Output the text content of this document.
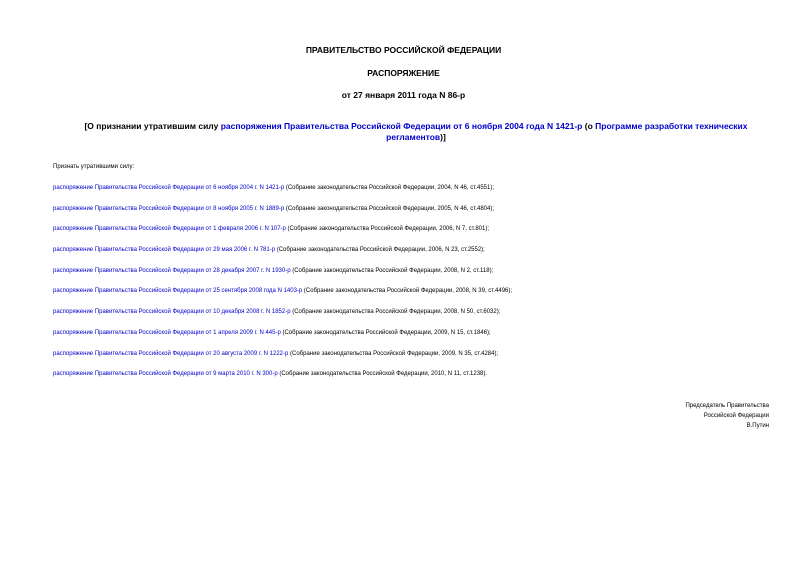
ПРАВИТЕЛЬСТВО РОССИЙСКОЙ ФЕДЕРАЦИИ
РАСПОРЯЖЕНИЕ
от 27 января 2011 года N 86-р
[О признании утратившим силу распоряжения Правительства Российской Федерации от 6 ноября 2004 года N 1421-р (о Программе разработки технических регламентов)]
Признать утратившими силу:
распоряжение Правительства Российской Федерации от 6 ноября 2004 г. N 1421-р (Собрание законодательства Российской Федерации, 2004, N 46, ст.4551);
распоряжение Правительства Российской Федерации от 8 ноября 2005 г. N 1889-р (Собрание законодательства Российской Федерации, 2005, N 46, ст.4804);
распоряжение Правительства Российской Федерации от 1 февраля 2006 г. N 107-р (Собрание законодательства Российской Федерации, 2006, N 7, ст.801);
распоряжение Правительства Российской Федерации от 29 мая 2006 г. N 781-р (Собрание законодательства Российской Федерации, 2006, N 23, ст.2552);
распоряжение Правительства Российской Федерации от 28 декабря 2007 г. N 1930-р (Собрание законодательства Российской Федерации, 2008, N 2, ст.118);
распоряжение Правительства Российской Федерации от 25 сентября 2008 года N 1403-р (Собрание законодательства Российской Федерации, 2008, N 39, ст.4496);
распоряжение Правительства Российской Федерации от 10 декабря 2008 г. N 1852-р (Собрание законодательства Российской Федерации, 2008, N 50, ст.6032);
распоряжение Правительства Российской Федерации от 1 апреля 2009 г. N 445-р (Собрание законодательства Российской Федерации, 2009, N 15, ст.1846);
распоряжение Правительства Российской Федерации от 20 августа 2009 г. N 1222-р (Собрание законодательства Российской Федерации, 2009, N 35, ст.4284);
распоряжение Правительства Российской Федерации от 9 марта 2010 г. N 300-р (Собрание законодательства Российской Федерации, 2010, N 11, ст.1238).
Председатель Правительства
Российской Федерации
В.Путин
